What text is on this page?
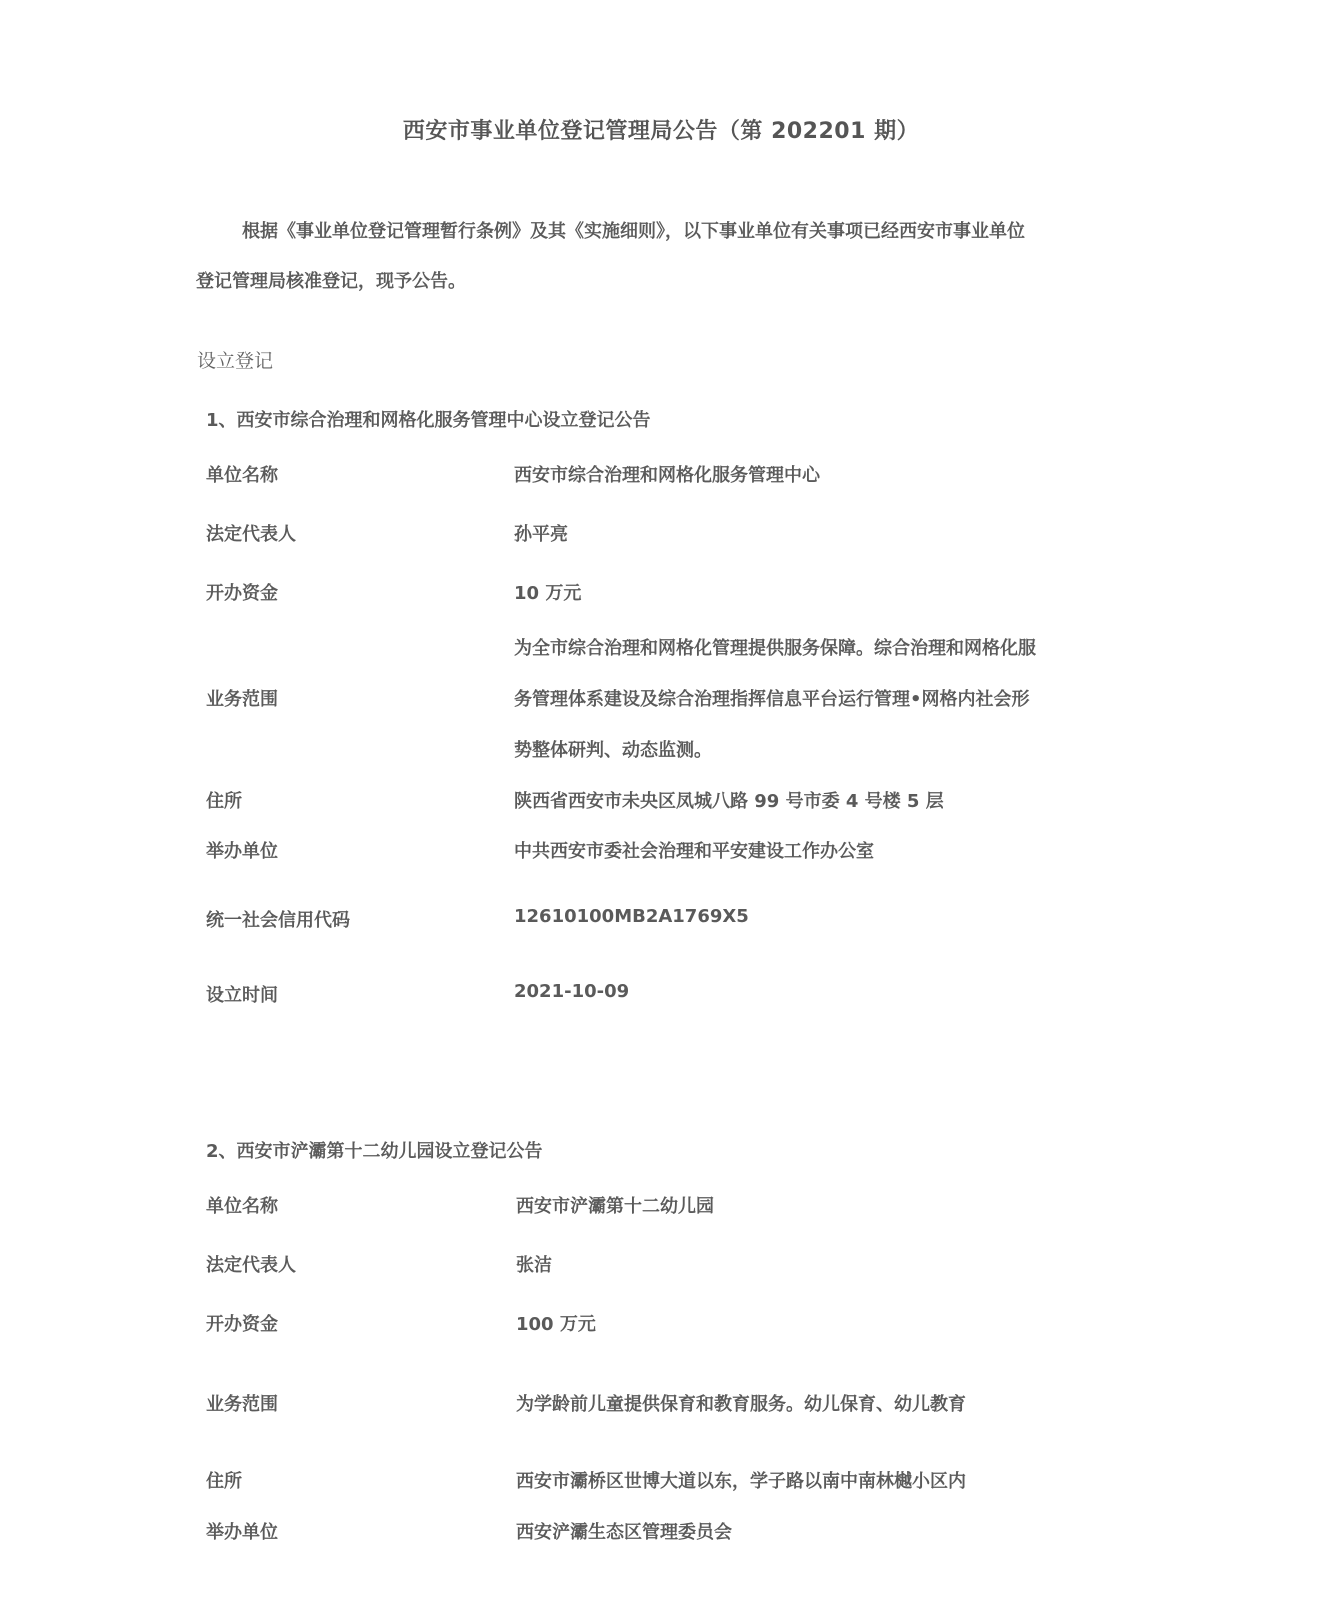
西安市事业单位登记管理局公告（第 202201 期）
根据《事业单位登记管理暂行条例》及其《实施细则》，以下事业单位有关事项已经西安市事业单位
登记管理局核准登记，现予公告。
设立登记
1、西安市综合治理和网格化服务管理中心设立登记公告
单位名称	西安市综合治理和网格化服务管理中心
法定代表人	孙平亮
开办资金	10 万元
业务范围
为全市综合治理和网格化管理提供服务保障。综合治理和网格化服
务管理体系建设及综合治理指挥信息平台运行管理•网格内社会形
势整体研判、动态监测。
住所	陕西省西安市未央区凤城八路 99 号市委 4 号楼 5 层
举办单位	中共西安市委社会治理和平安建设工作办公室
统一社会信用代码	12610100MB2A1769X5
设立时间	2021-10-09
2、西安市浐灞第十二幼儿园设立登记公告
单位名称	西安市浐灞第十二幼儿园
法定代表人	张洁
开办资金	100 万元
业务范围	为学龄前儿童提供保育和教育服务。幼儿保育、幼儿教育
住所	西安市灞桥区世博大道以东，学子路以南中南林樾小区内
举办单位	西安浐灞生态区管理委员会
